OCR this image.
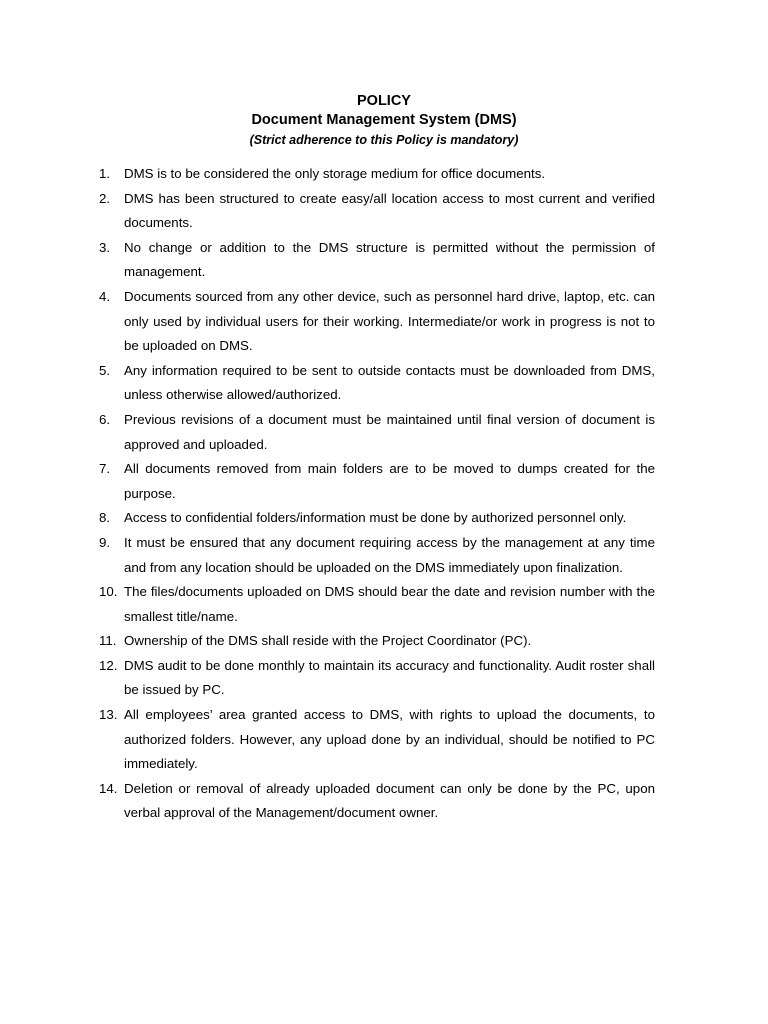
POLICY
Document Management System (DMS)
(Strict adherence to this Policy is mandatory)
1. DMS is to be considered the only storage medium for office documents.
2. DMS has been structured to create easy/all location access to most current and verified documents.
3. No change or addition to the DMS structure is permitted without the permission of management.
4. Documents sourced from any other device, such as personnel hard drive, laptop, etc. can only used by individual users for their working. Intermediate/or work in progress is not to be uploaded on DMS.
5. Any information required to be sent to outside contacts must be downloaded from DMS, unless otherwise allowed/authorized.
6. Previous revisions of a document must be maintained until final version of document is approved and uploaded.
7. All documents removed from main folders are to be moved to dumps created for the purpose.
8. Access to confidential folders/information must be done by authorized personnel only.
9. It must be ensured that any document requiring access by the management at any time and from any location should be uploaded on the DMS immediately upon finalization.
10. The files/documents uploaded on DMS should bear the date and revision number with the smallest title/name.
11. Ownership of the DMS shall reside with the Project Coordinator (PC).
12. DMS audit to be done monthly to maintain its accuracy and functionality. Audit roster shall be issued by PC.
13. All employees’ area granted access to DMS, with rights to upload the documents, to authorized folders. However, any upload done by an individual, should be notified to PC immediately.
14. Deletion or removal of already uploaded document can only be done by the PC, upon verbal approval of the Management/document owner.
